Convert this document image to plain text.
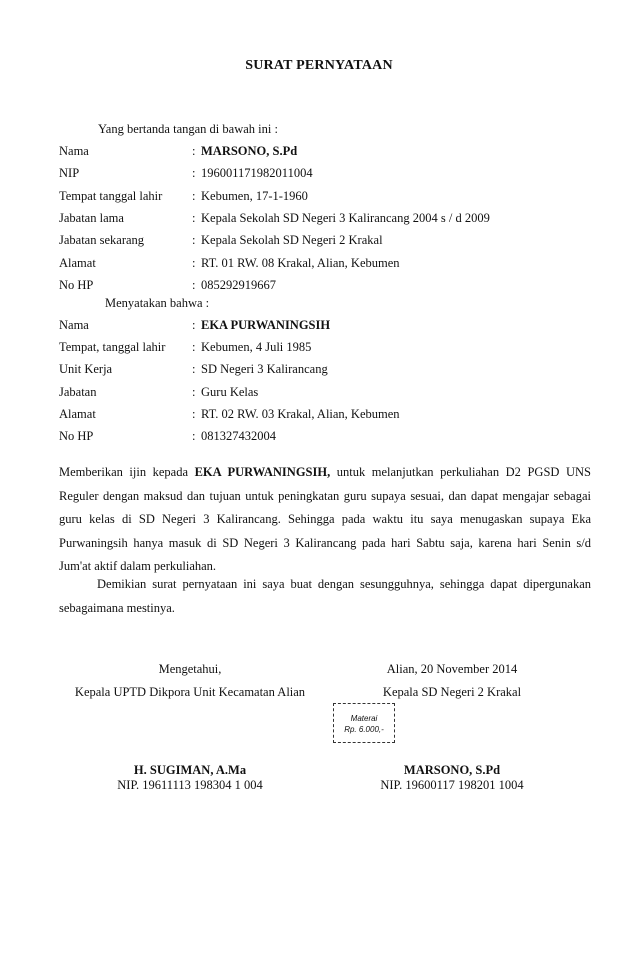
SURAT PERNYATAAN
Yang bertanda tangan di bawah ini :
Nama	: MARSONO, S.Pd
NIP	: 196001171982011004
Tempat tanggal lahir : Kebumen, 17-1-1960
Jabatan lama	: Kepala Sekolah SD Negeri 3 Kalirancang 2004 s / d 2009
Jabatan sekarang	: Kepala Sekolah SD Negeri 2 Krakal
Alamat	: RT. 01 RW. 08 Krakal, Alian, Kebumen
No HP	: 085292919667
Menyatakan bahwa :
Nama	: EKA PURWANINGSIH
Tempat, tanggal lahir : Kebumen, 4 Juli 1985
Unit Kerja	: SD Negeri 3 Kalirancang
Jabatan	: Guru Kelas
Alamat	: RT. 02 RW. 03 Krakal, Alian, Kebumen
No HP	: 081327432004
Memberikan ijin kepada EKA PURWANINGSIH, untuk melanjutkan perkuliahan D2 PGSD UNS
Reguler dengan maksud dan tujuan untuk peningkatan guru supaya sesuai, dan dapat mengajar sebagai
guru kelas di SD Negeri 3 Kalirancang. Sehingga pada waktu itu saya menugaskan supaya Eka
Purwaningsih hanya masuk di SD Negeri 3 Kalirancang pada hari Sabtu saja, karena hari Senin s/d
Jum'at aktif dalam perkuliahan.
Demikian surat pernyataan ini saya buat dengan sesungguhnya, sehingga dapat dipergunakan
sebagaimana mestinya.
Mengetahui,
Kepala UPTD Dikpora Unit Kecamatan Alian
H. SUGIMAN, A.Ma
NIP. 19611113 198304 1 004
Alian, 20 November 2014
Kepala SD Negeri 2 Krakal
MARSONO, S.Pd
NIP. 19600117 198201 1004
Materai
Rp. 6.000,-
